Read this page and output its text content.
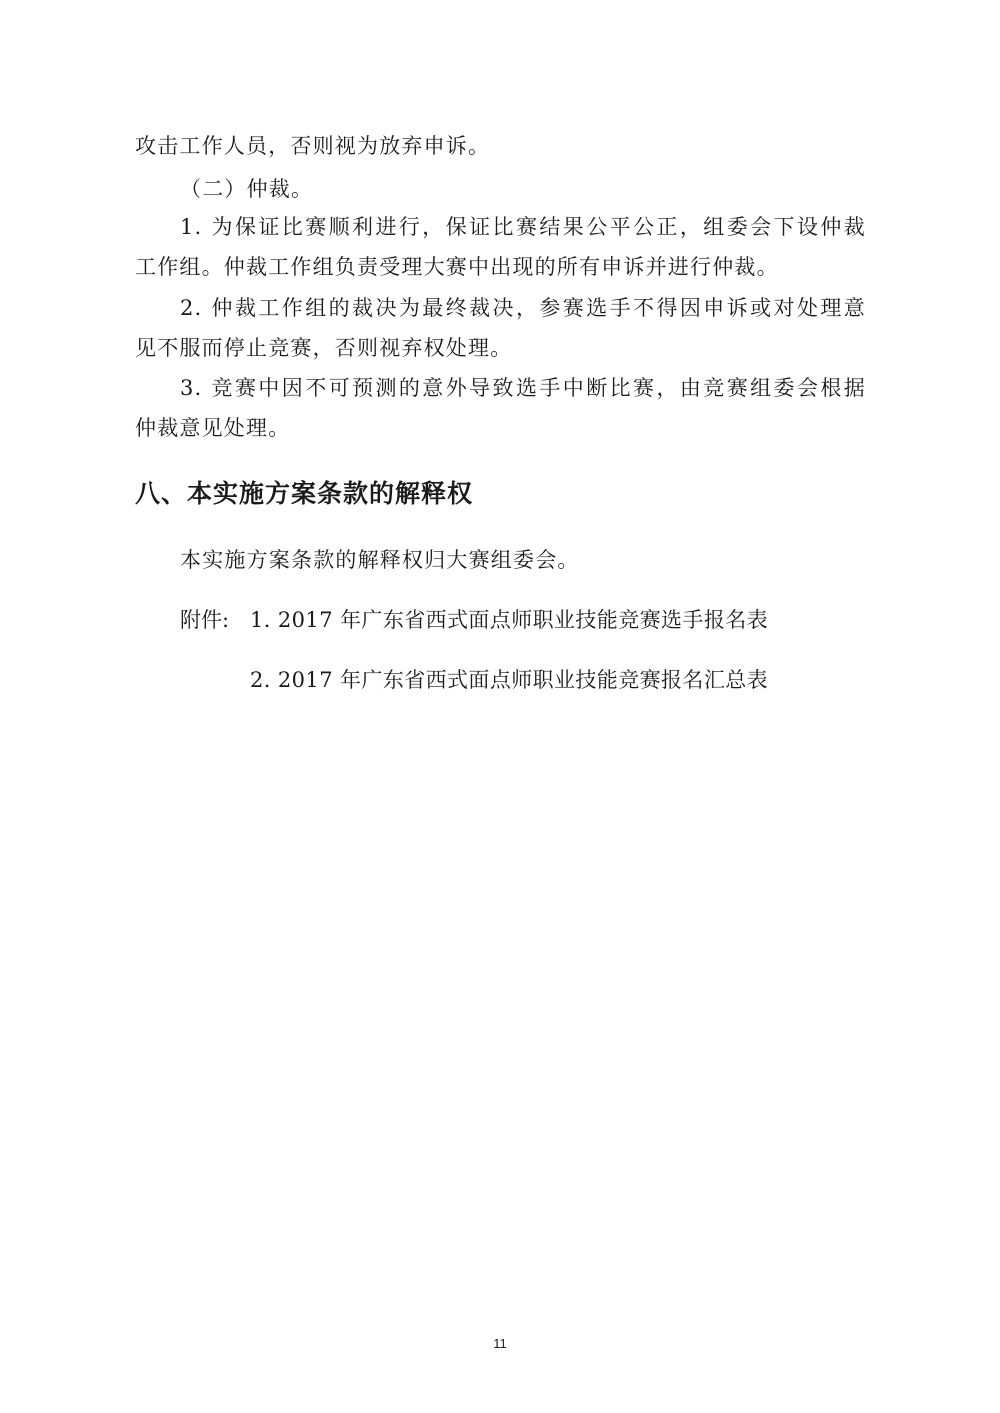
攻击工作人员，否则视为放弃申诉。
（二）仲裁。
1. 为保证比赛顺利进行，保证比赛结果公平公正，组委会下设仲裁
工作组。仲裁工作组负责受理大赛中出现的所有申诉并进行仲裁。
2. 仲裁工作组的裁决为最终裁决，参赛选手不得因申诉或对处理意
见不服而停止竞赛，否则视弃权处理。
3. 竞赛中因不可预测的意外导致选手中断比赛，由竞赛组委会根据
仲裁意见处理。
八、本实施方案条款的解释权
本实施方案条款的解释权归大赛组委会。
附件: 1. 2017 年广东省西式面点师职业技能竞赛选手报名表
2. 2017 年广东省西式面点师职业技能竞赛报名汇总表
11
